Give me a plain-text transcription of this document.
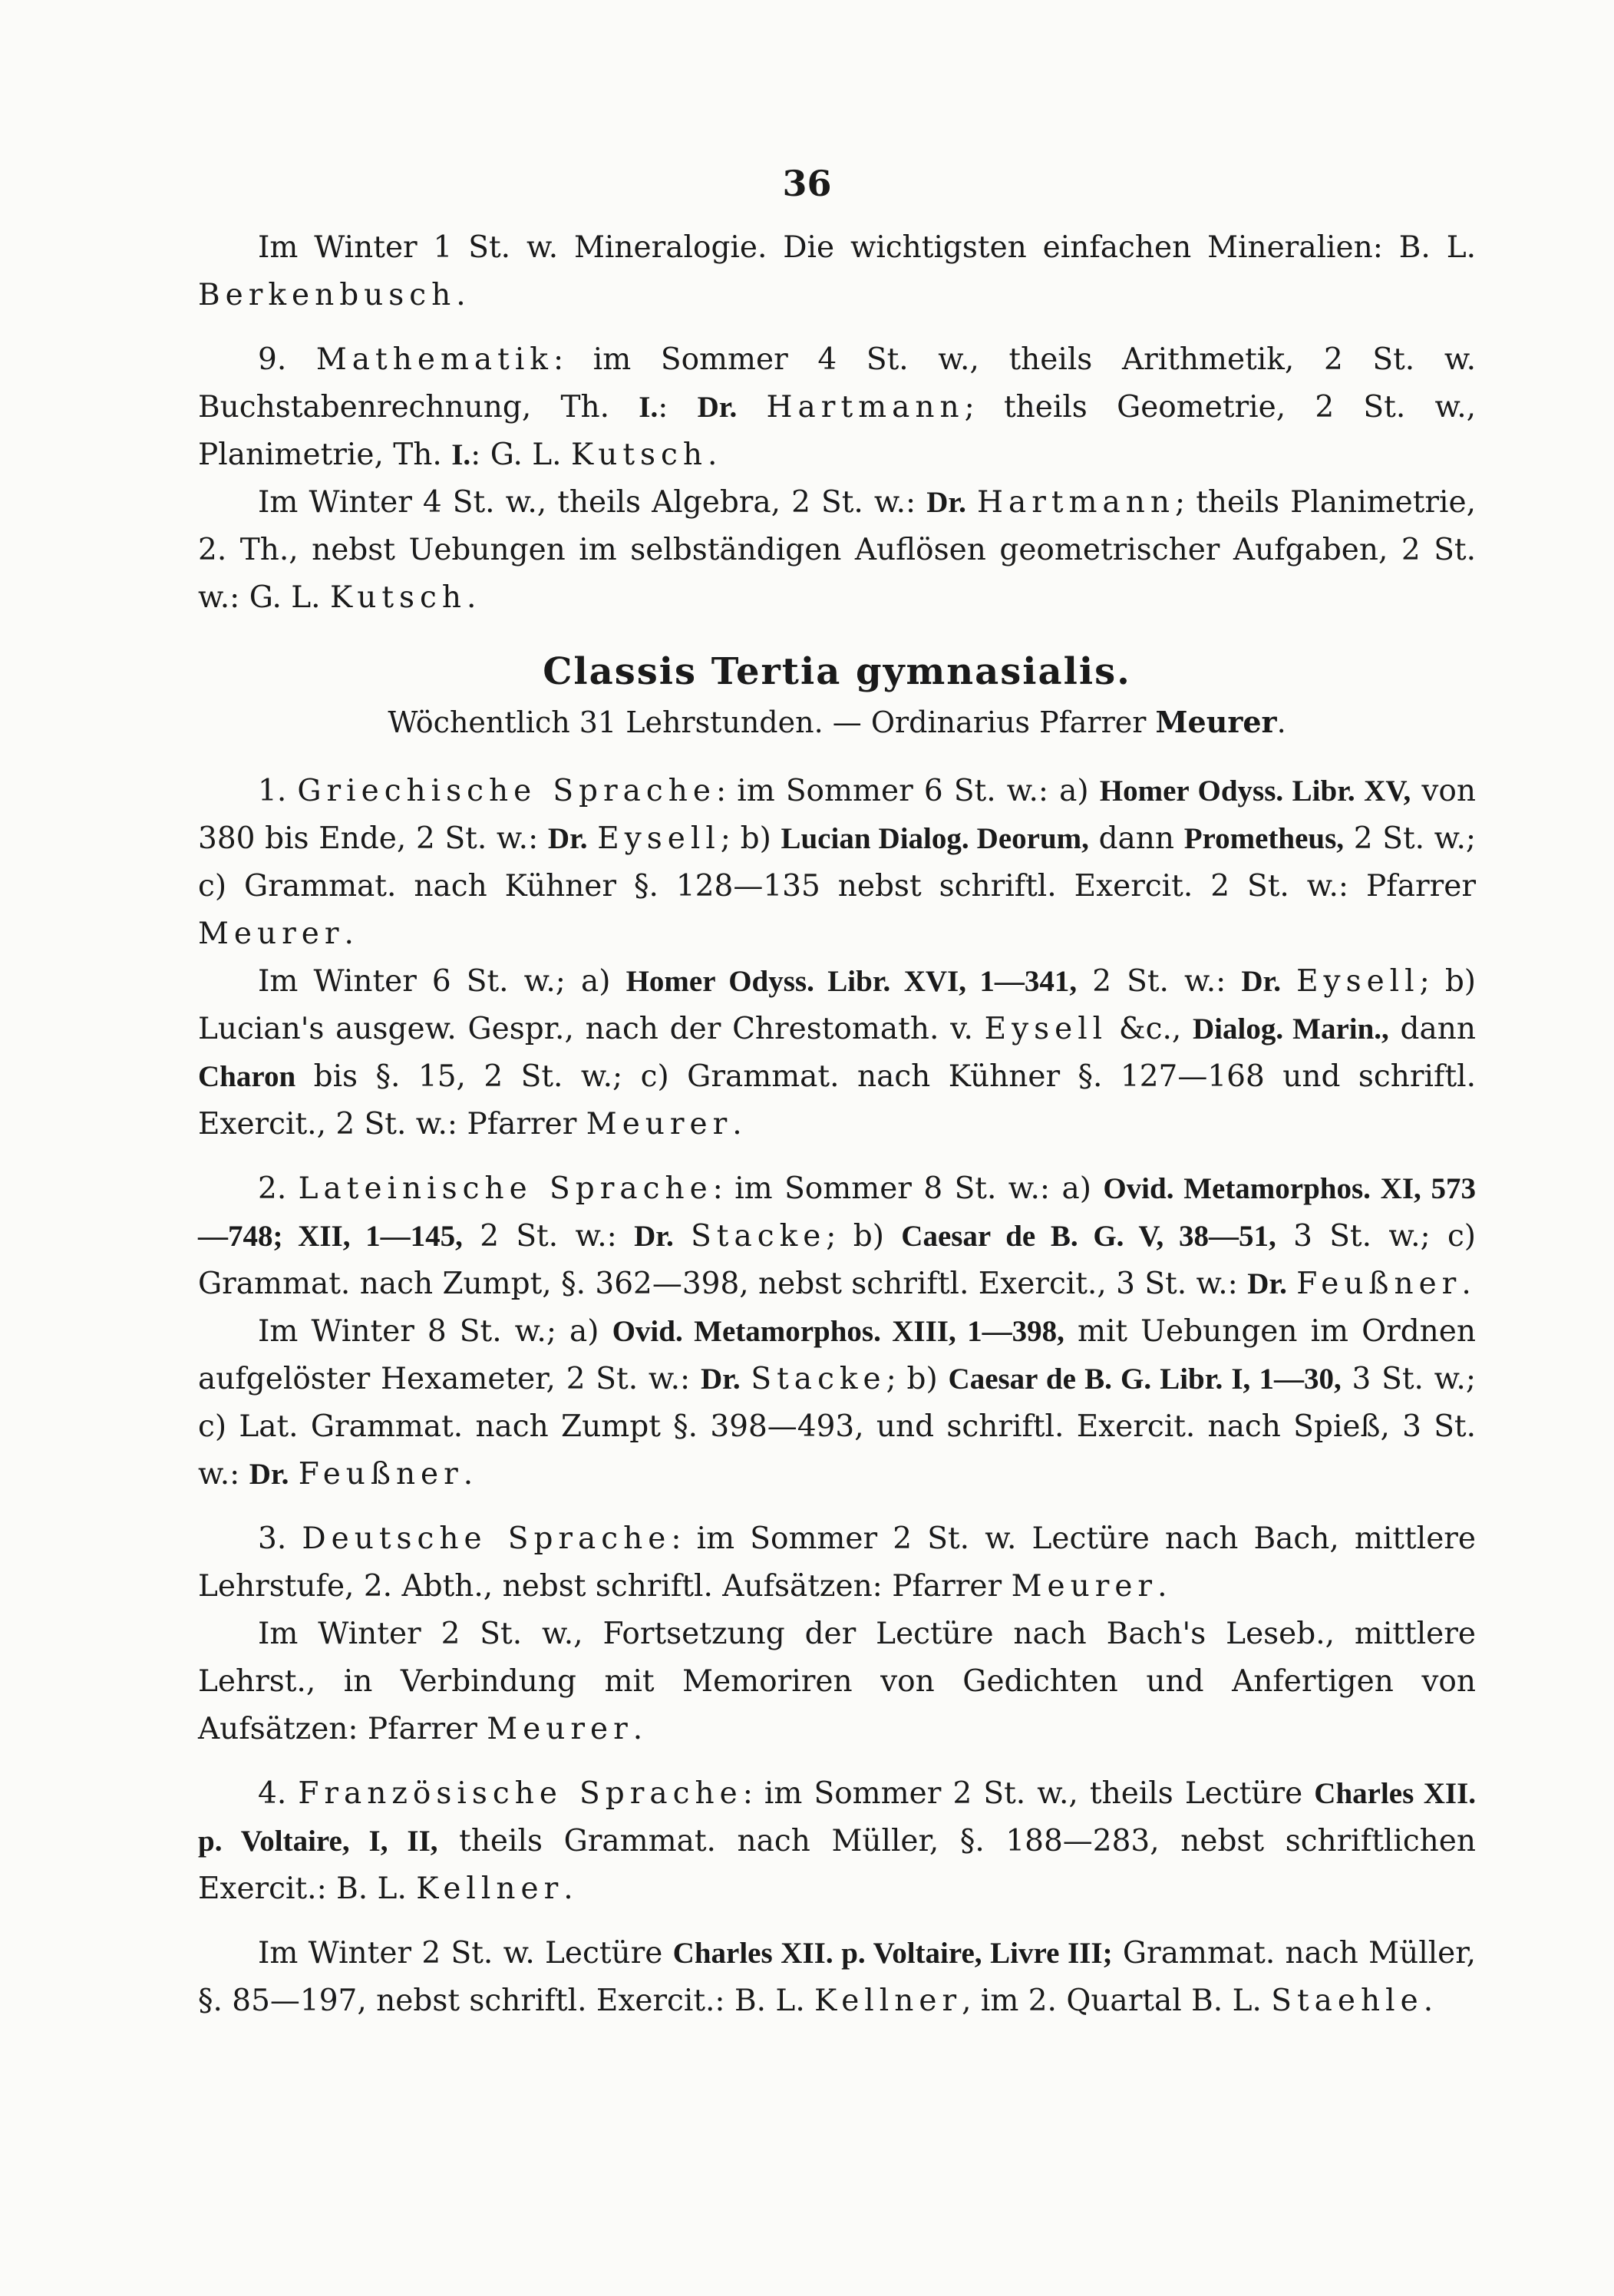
36

Im Winter 1 St. w. Mineralogie. Die wichtigsten einfachen Mineralien: B. L. Berkenbusch.

9. Mathematik: im Sommer 4 St. w., theils Arithmetik, 2 St. w. Buchstabenrechnung, Th. I.: Dr. Hartmann; theils Geometrie, 2 St. w., Planimetrie, Th. I.: G. L. Kutsch.

Im Winter 4 St. w., theils Algebra, 2 St. w.: Dr. Hartmann; theils Planimetrie, 2. Th., nebst Uebungen im selbständigen Auflösen geometrischer Aufgaben, 2 St. w.: G. L. Kutsch.

Classis Tertia gymnasialis.

Wöchentlich 31 Lehrstunden. — Ordinarius Pfarrer Meurer.

1. Griechische Sprache: im Sommer 6 St. w.: a) Homer Odyss. Libr. XV, von 380 bis Ende, 2 St. w.: Dr. Eysell; b) Lucian Dialog. Deorum, dann Prometheus, 2 St. w.; c) Grammat. nach Kühner §. 128—135 nebst schriftl. Exercit. 2 St. w.: Pfarrer Meurer.

Im Winter 6 St. w.; a) Homer Odyss. Libr. XVI, 1—341, 2 St. w.: Dr. Eysell; b) Lucian's ausgew. Gespr., nach der Chrestomath. v. Eysell &c., Dialog. Marin., dann Charon bis §. 15, 2 St. w.; c) Grammat. nach Kühner §. 127—168 und schriftl. Exercit., 2 St. w.: Pfarrer Meurer.

2. Lateinische Sprache: im Sommer 8 St. w.: a) Ovid. Metamorphos. XI, 573—748; XII, 1—145, 2 St. w.: Dr. Stacke; b) Caesar de B. G. V, 38—51, 3 St. w.; c) Grammat. nach Zumpt, §. 362—398, nebst schriftl. Exercit., 3 St. w.: Dr. Feußner.

Im Winter 8 St. w.; a) Ovid. Metamorphos. XIII, 1—398, mit Uebungen im Ordnen aufgelöster Hexameter, 2 St. w.: Dr. Stacke; b) Caesar de B. G. Libr. I, 1—30, 3 St. w.; c) Lat. Grammat. nach Zumpt §. 398—493, und schriftl. Exercit. nach Spieß, 3 St. w.: Dr. Feußner.

3. Deutsche Sprache: im Sommer 2 St. w. Lectüre nach Bach, mittlere Lehrstufe, 2. Abth., nebst schriftl. Aufsätzen: Pfarrer Meurer.

Im Winter 2 St. w., Fortsetzung der Lectüre nach Bach's Leseb., mittlere Lehrst., in Verbindung mit Memoriren von Gedichten und Anfertigen von Aufsätzen: Pfarrer Meurer.

4. Französische Sprache: im Sommer 2 St. w., theils Lectüre Charles XII. p. Voltaire, I, II, theils Grammat. nach Müller, §. 188—283, nebst schriftlichen Exercit.: B. L. Kellner.

Im Winter 2 St. w. Lectüre Charles XII. p. Voltaire, Livre III; Grammat. nach Müller, §. 85—197, nebst schriftl. Exercit.: B. L. Kellner, im 2. Quartal B. L. Staehle.
